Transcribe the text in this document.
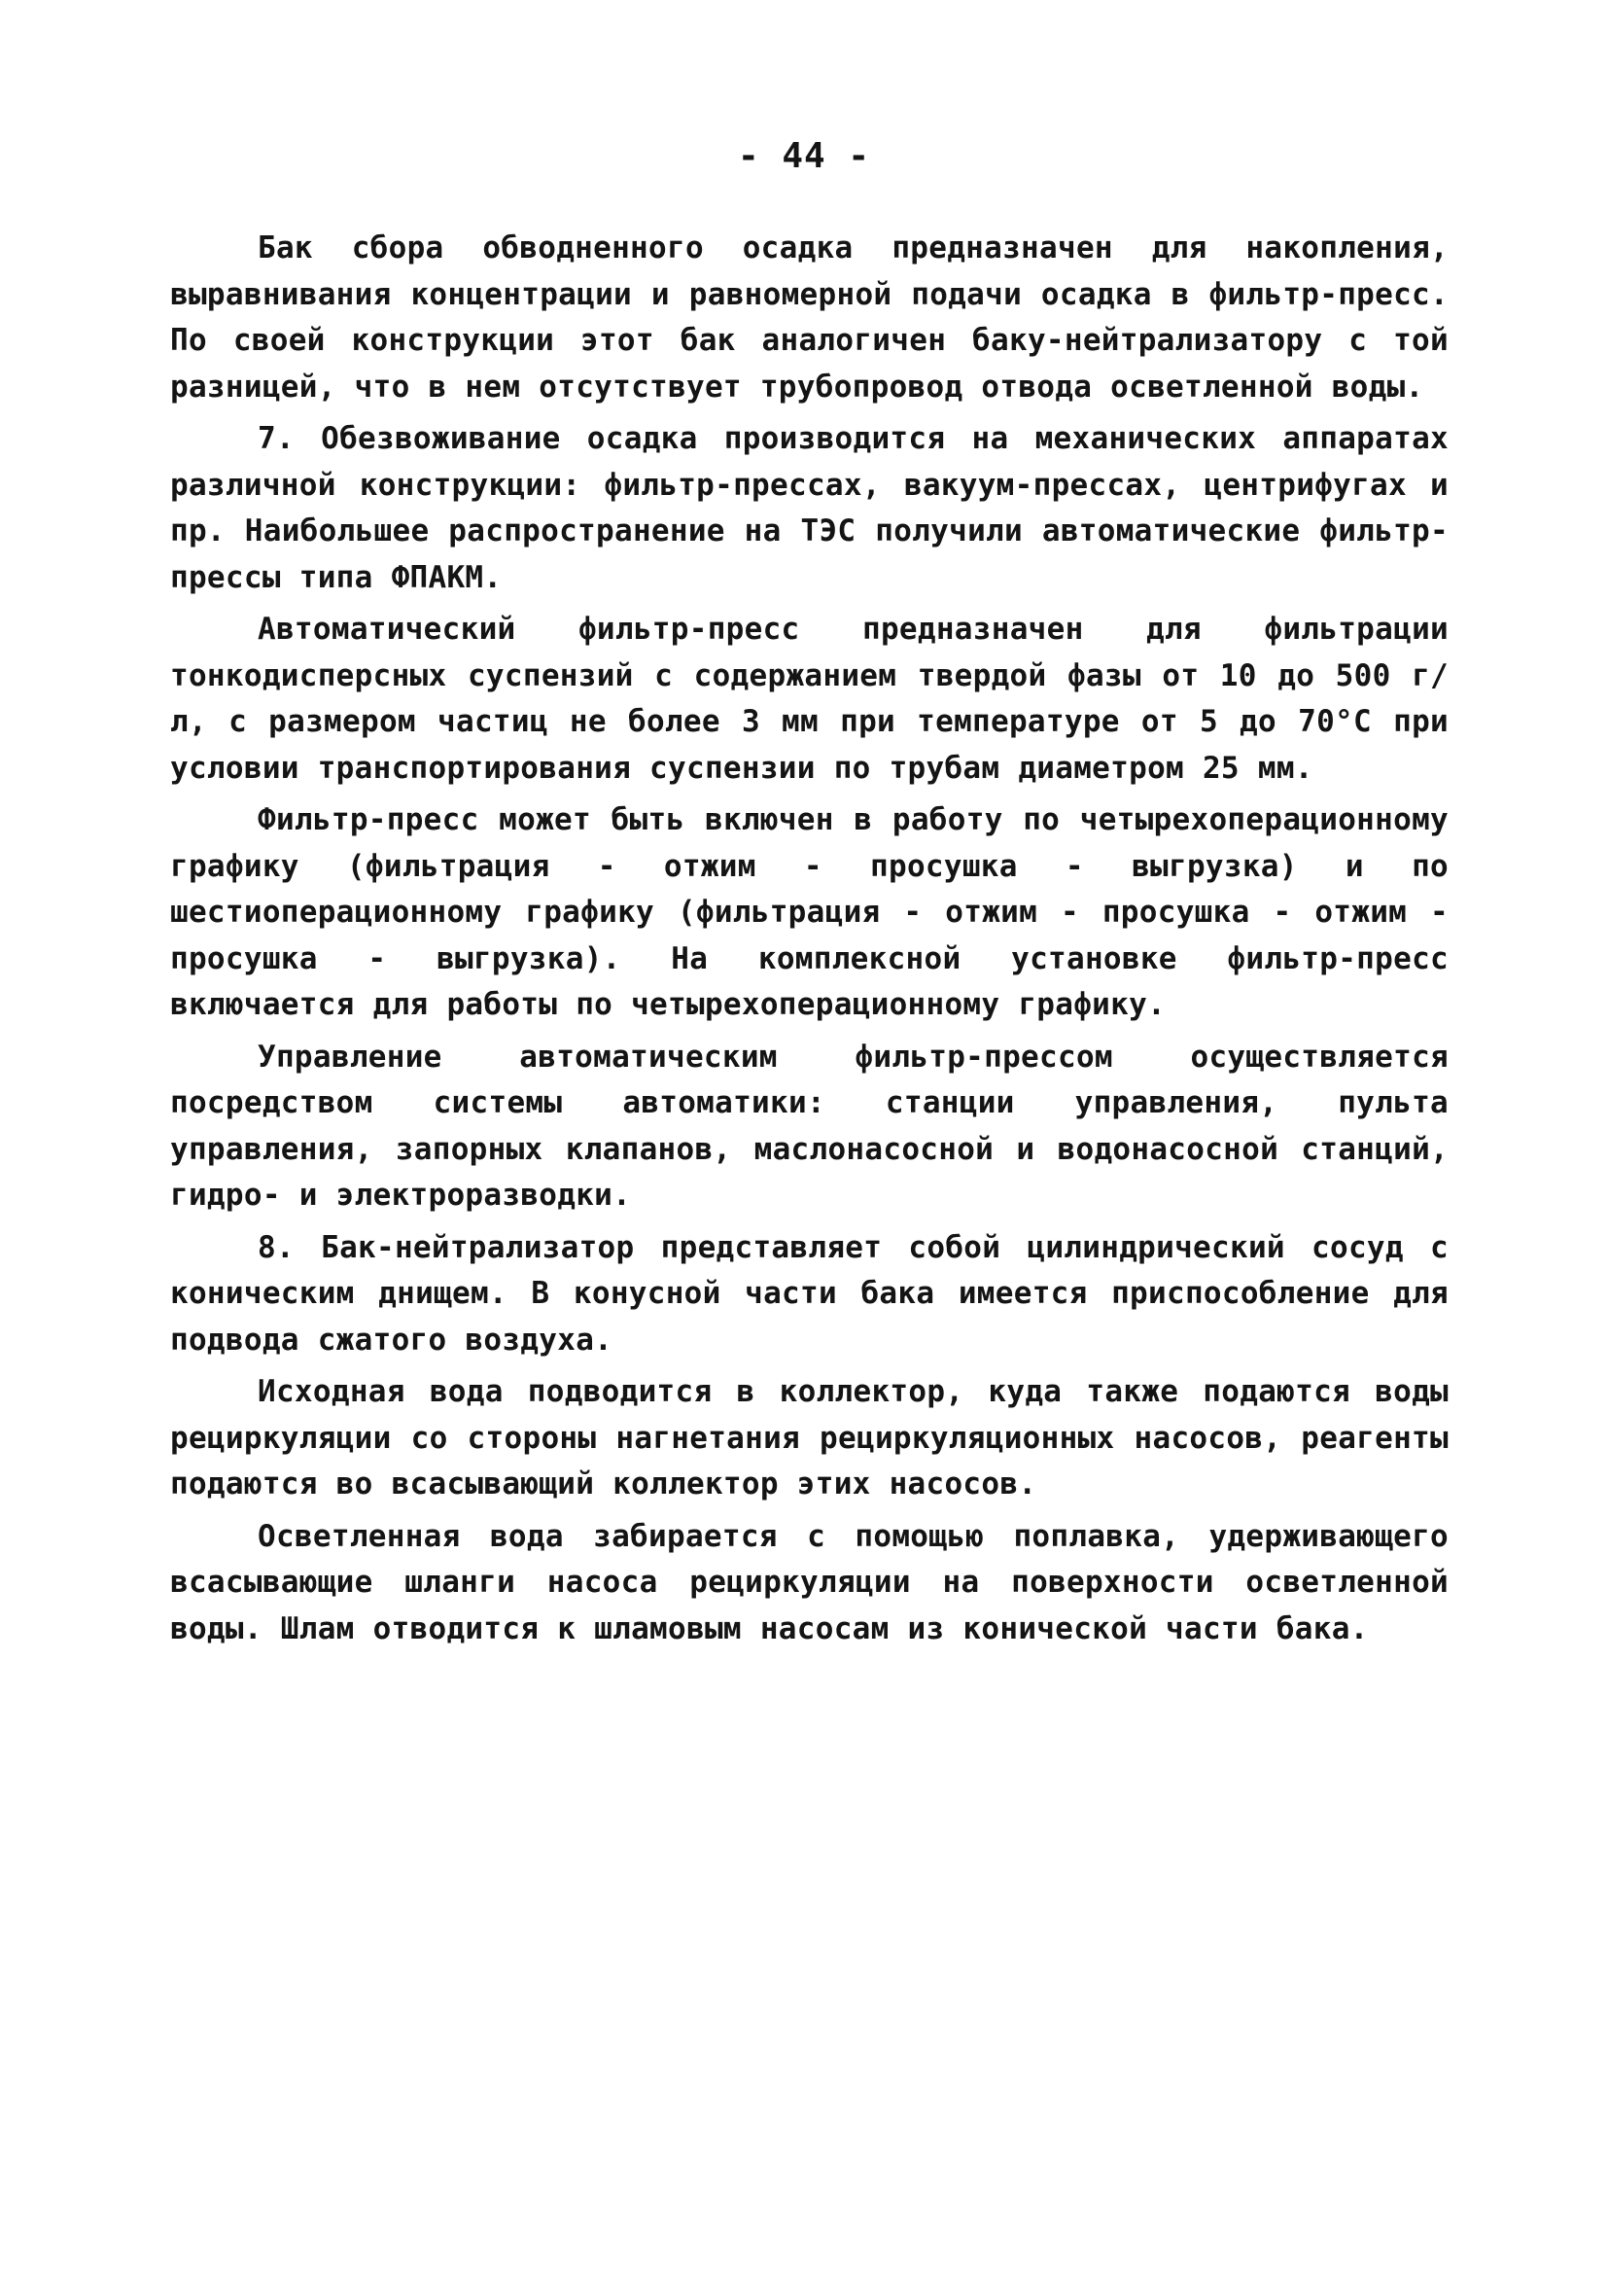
- 44 -

Бак сбора обводненного осадка предназначен для накопления, выравнивания концентрации и равномерной подачи осадка в фильтр-пресс. По своей конструкции этот бак аналогичен баку-нейтрализатору с той разницей, что в нем отсутствует трубопровод отвода осветленной воды.

7. Обезвоживание осадка производится на механических аппаратах различной конструкции: фильтр-прессах, вакуум-прессах, центрифугах и пр. Наибольшее распространение на ТЭС получили автоматические фильтр-прессы типа ФПАКМ.

Автоматический фильтр-пресс предназначен для фильтрации тонкодисперсных суспензий с содержанием твердой фазы от 10 до 500 г/л, с размером частиц не более 3 мм при температуре от 5 до 70°С при условии транспортирования суспензии по трубам диаметром 25 мм.

Фильтр-пресс может быть включен в работу по четырехоперационному графику (фильтрация - отжим - просушка - выгрузка) и по шестиоперационному графику (фильтрация - отжим - просушка - отжим - просушка - выгрузка). На комплексной установке фильтр-пресс включается для работы по четырехоперационному графику.

Управление автоматическим фильтр-прессом осуществляется посредством системы автоматики: станции управления, пульта управления, запорных клапанов, маслонасосной и водонасосной станций, гидро- и электроразводки.

8. Бак-нейтрализатор представляет собой цилиндрический сосуд с коническим днищем. В конусной части бака имеется приспособление для подвода сжатого воздуха.

Исходная вода подводится в коллектор, куда также подаются воды рециркуляции со стороны нагнетания рециркуляционных насосов, реагенты подаются во всасывающий коллектор этих насосов.

Осветленная вода забирается с помощью поплавка, удерживающего всасывающие шланги насоса рециркуляции на поверхности осветленной воды. Шлам отводится к шламовым насосам из конической части бака.
